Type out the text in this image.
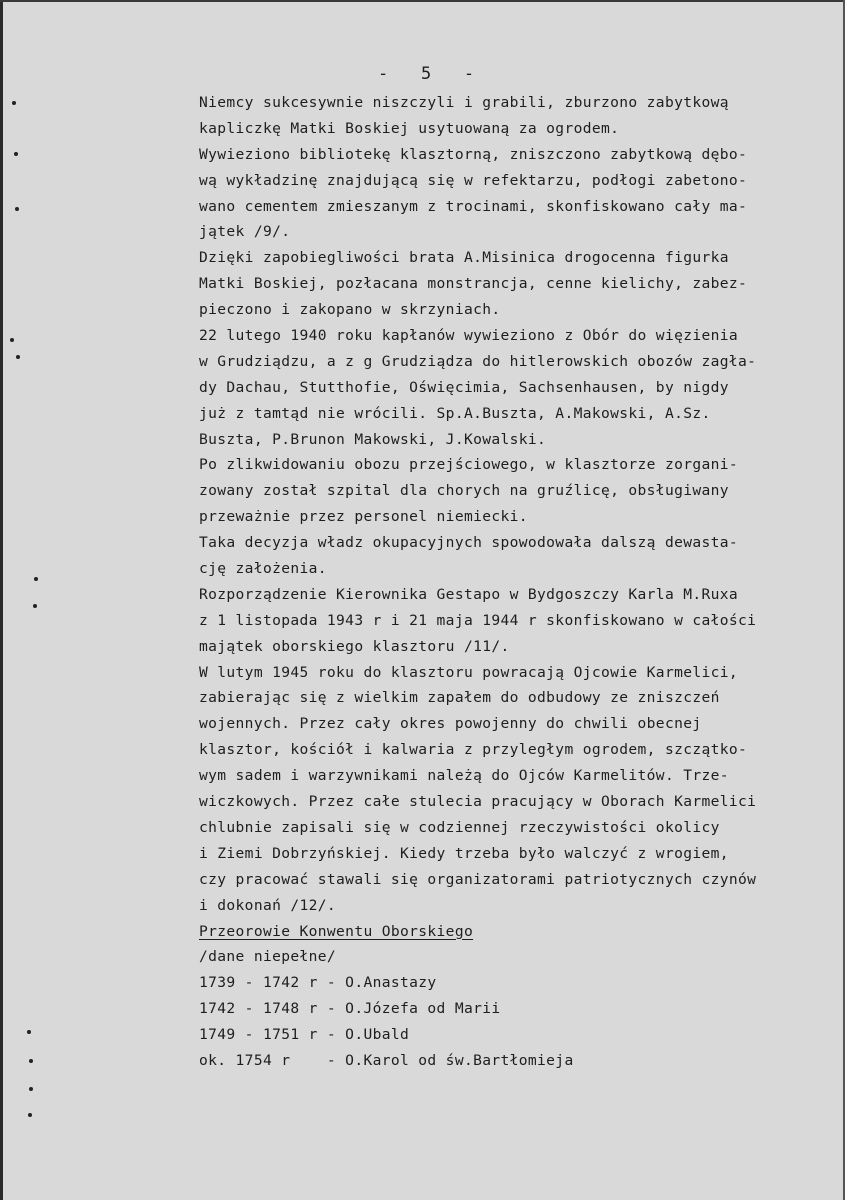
-   5   -
Niemcy sukcesywnie niszczyli i grabili, zburzono zabytkową
kapliczkę Matki Boskiej usytuowaną za ogrodem.
Wywieziono bibliotekę klasztorną, zniszczono zabytkową dębo-
wą wykładzinę znajdującą się w refektarzu, podłogi zabetono-
wano cementem zmieszanym z trocinami, skonfiskowano cały ma-
jątek /9/.
Dzięki zapobiegliwości brata A.Misinica drogocenna figurka
Matki Boskiej, pozłacana monstrancja, cenne kielichy, zabez-
pieczono i zakopano w skrzyniach.
22 lutego 1940 roku kapłanów wywieziono z Obór do więzienia
w Grudziądzu, a z g Grudziądza do hitlerowskich obozów zagła-
dy Dachau, Stutthofie, Oświęcimia, Sachsenhausen, by nigdy
już z tamtąd nie wrócili. Sp.A.Buszta, A.Makowski, A.Sz.
Buszta, P.Brunon Makowski, J.Kowalski.
Po zlikwidowaniu obozu przejściowego, w klasztorze zorgani-
zowany został szpital dla chorych na gruźlicę, obsługiwany
przeważnie przez personel niemiecki.
Taka decyzja władz okupacyjnych spowodowała dalszą dewasta-
cję założenia.
Rozporządzenie Kierownika Gestapo w Bydgoszczy Karla M.Ruxa
z 1 listopada 1943 r i 21 maja 1944 r skonfiskowano w całości
majątek oborskiego klasztoru /11/.
W lutym 1945 roku do klasztoru powracają Ojcowie Karmelici,
zabierając się z wielkim zapałem do odbudowy ze zniszczeń
wojennych. Przez cały okres powojenny do chwili obecnej
klasztor, kościół i kalwaria z przyległym ogrodem, szczątko-
wym sadem i warzywnikami należą do Ojców Karmelitów. Trze-
wiczkowych. Przez całe stulecia pracujący w Oborach Karmelici
chlubnie zapisali się w codziennej rzeczywistości okolicy
i Ziemi Dobrzyńskiej. Kiedy trzeba było walczyć z wrogiem,
czy pracować stawali się organizatorami patriotycznych czynów
i dokonań /12/.
Przeorowie Konwentu Oborskiego
/dane niepełne/
1739 - 1742 r - O.Anastazy
1742 - 1748 r - O.Józefa od Marii
1749 - 1751 r - O.Ubald
ok. 1754 r    - O.Karol od św.Bartłomieja
